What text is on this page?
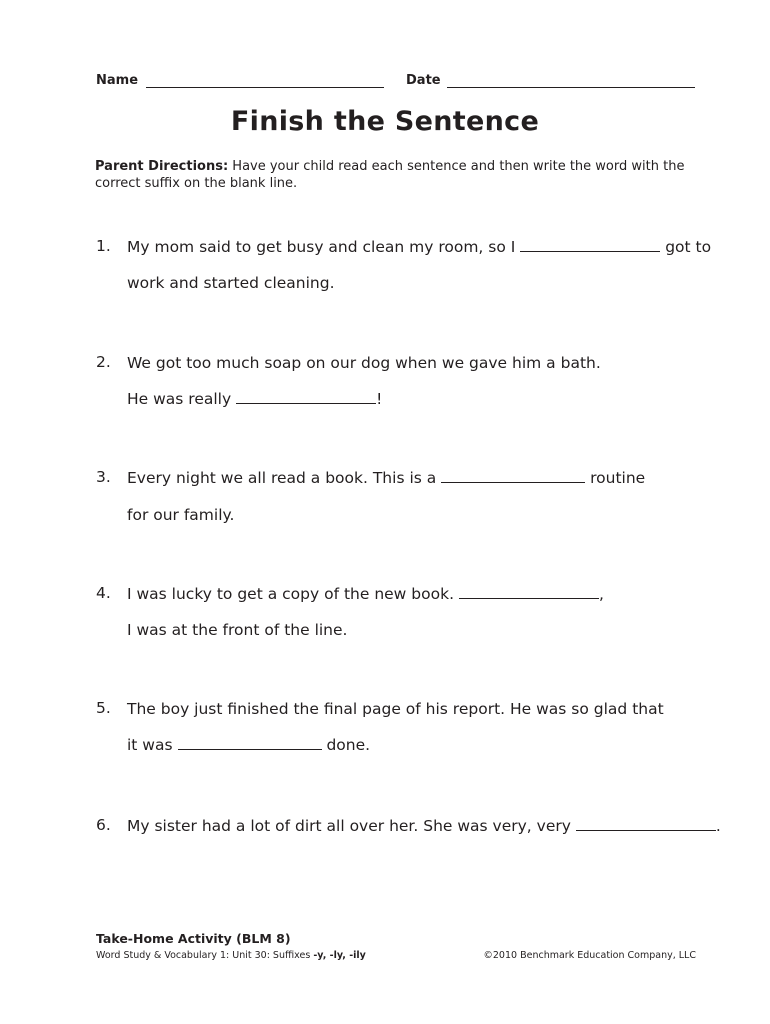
Name	Date
Finish the Sentence
Parent Directions: Have your child read each sentence and then write the word with the correct suffix on the blank line.
1. My mom said to get busy and clean my room, so I	got to
work and started cleaning.
2. We got too much soap on our dog when we gave him a bath.
He was really	!
3. Every night we all read a book. This is a	routine
for our family.
4. I was lucky to get a copy of the new book.	,
I was at the front of the line.
5. The boy just finished the final page of his report. He was so glad that
it was	done.
6. My sister had a lot of dirt all over her. She was very, very	.
Take-Home Activity (BLM 8)
Word Study & Vocabulary 1: Unit 30: Suffixes -y, -ly, -ily	©2010 Benchmark Education Company, LLC
